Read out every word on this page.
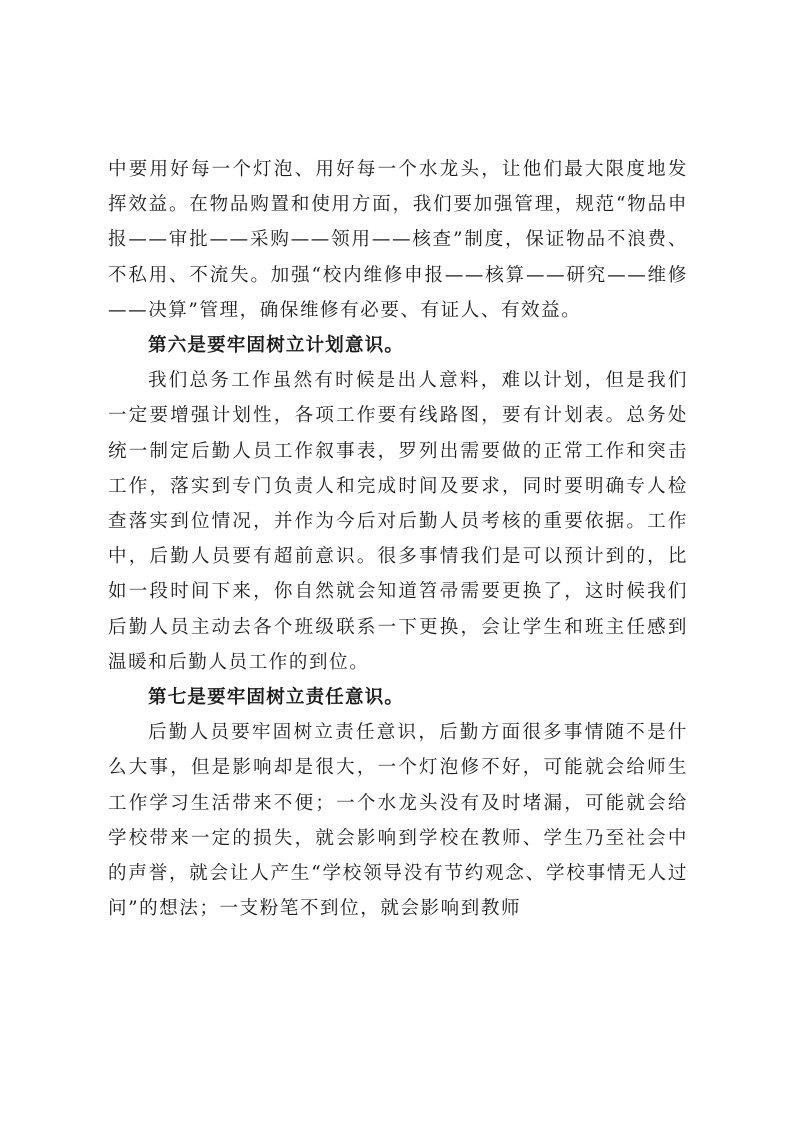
中要用好每一个灯泡、用好每一个水龙头，让他们最大限度地发挥效益。在物品购置和使用方面，我们要加强管理，规范“物品申报——审批——采购——领用——核查”制度，保证物品不浪费、不私用、不流失。加强“校内维修申报——核算——研究——维修——决算”管理，确保维修有必要、有证人、有效益。

第六是要牢固树立计划意识。

我们总务工作虽然有时候是出人意料，难以计划，但是我们一定要增强计划性，各项工作要有线路图，要有计划表。总务处统一制定后勤人员工作叙事表，罗列出需要做的正常工作和突击工作，落实到专门负责人和完成时间及要求，同时要明确专人检查落实到位情况，并作为今后对后勤人员考核的重要依据。工作中，后勤人员要有超前意识。很多事情我们是可以预计到的，比如一段时间下来，你自然就会知道笤帚需要更换了，这时候我们后勤人员主动去各个班级联系一下更换，会让学生和班主任感到温暖和后勤人员工作的到位。

第七是要牢固树立责任意识。

后勤人员要牢固树立责任意识，后勤方面很多事情随不是什么大事，但是影响却是很大，一个灯泡修不好，可能就会给师生工作学习生活带来不便；一个水龙头没有及时堵漏，可能就会给学校带来一定的损失，就会影响到学校在教师、学生乃至社会中的声誉，就会让人产生“学校领导没有节约观念、学校事情无人过问”的想法；一支粉笔不到位，就会影响到教师
